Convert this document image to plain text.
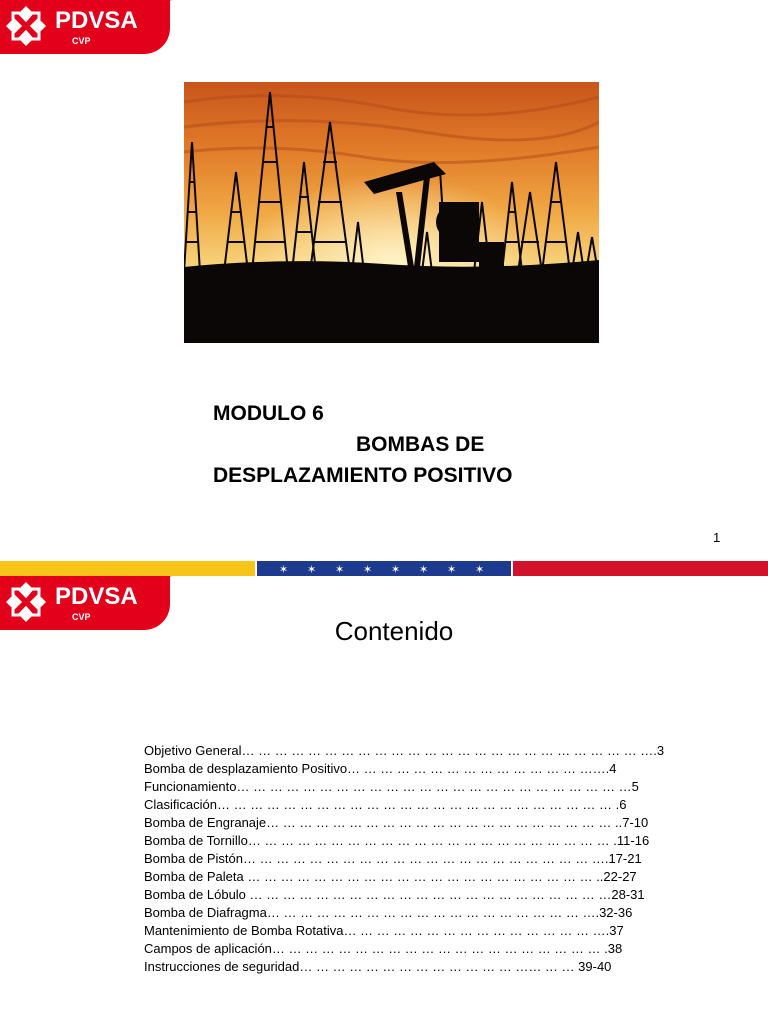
PDVSA
CVP
MODULO 6
BOMBAS DE
DESPLAZAMIENTO POSITIVO
1
✶ ✶ ✶ ✶ ✶ ✶ ✶ ✶
PDVSA
CVP	Contenido
Objetivo General… … … … … … … … … … … … … … … … … … … … … … … … ….3
Bomba de desplazamiento Positivo… … … … … … … … … … … … … … …….4
Funcionamiento… … … … … … … … … … … … … … … … … … … … … … … …5
Clasificación… … … … … … … … … … … … … … … … … … … … … … … … .6
Bomba de Engranaje… … … … … … … … … … … … … … … … … … … … … ..7-10
Bomba de Tornillo… … … … … … … … … … … … … … … … … … … … … … .11-16
Bomba de Pistón… … … … … … … … … … … … … … … … … … … … … ….17-21
Bomba de Paleta … … … … … … … … … … … … … … … … … … … … … ..22-27
Bomba de Lóbulo … … … … … … … … … … … … … … … … … … … … … …28-31
Bomba de Diafragma… … … … … … … … … … … … … … … … … … … ….32-36
Mantenimiento de Bomba Rotativa… … … … … … … … … … … … … … … ….37
Campos de aplicación… … … … … … … … … … … … … … … … … … … … .38
Instrucciones de seguridad… … … … … … … … … … … … … …… … … 39-40
